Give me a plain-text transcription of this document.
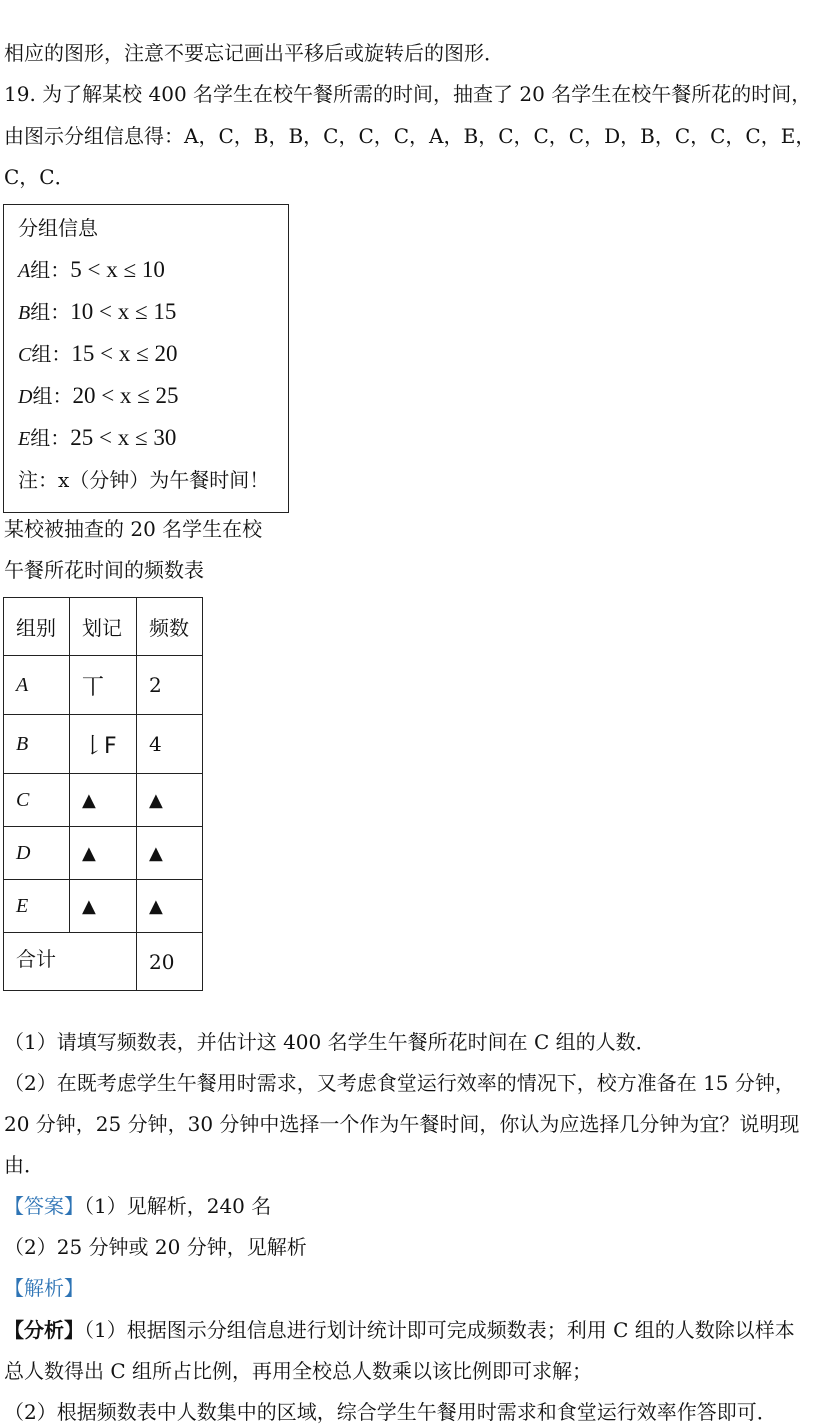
相应的图形，注意不要忘记画出平移后或旋转后的图形．
19. 为了解某校 400 名学生在校午餐所需的时间，抽查了 20 名学生在校午餐所花的时间，
由图示分组信息得：A，C，B，B，C，C，C，A，B，C，C，C，D，B，C，C，C，E，
C，C．
分组信息
A组：5 < x ≤ 10
B组：10 < x ≤ 15
C组：15 < x ≤ 20
D组：20 < x ≤ 25
E组：25 < x ≤ 30
注：x（分钟）为午餐时间！
某校被抽查的 20 名学生在校
午餐所花时间的频数表
组别	划记	频数
A	丅	2
B	𠄌F	4
C	▲	▲
D	▲	▲
E	▲	▲
合计		20
（1）请填写频数表，并估计这 400 名学生午餐所花时间在 C 组的人数．
（2）在既考虑学生午餐用时需求，又考虑食堂运行效率的情况下，校方准备在 15 分钟，
20 分钟，25 分钟，30 分钟中选择一个作为午餐时间，你认为应选择几分钟为宜？说明现
由．
【答案】（1）见解析，240 名
（2）25 分钟或 20 分钟，见解析
【解析】
【分析】（1）根据图示分组信息进行划计统计即可完成频数表；利用 C 组的人数除以样本
总人数得出 C 组所占比例，再用全校总人数乘以该比例即可求解；
（2）根据频数表中人数集中的区域，综合学生午餐用时需求和食堂运行效率作答即可．
